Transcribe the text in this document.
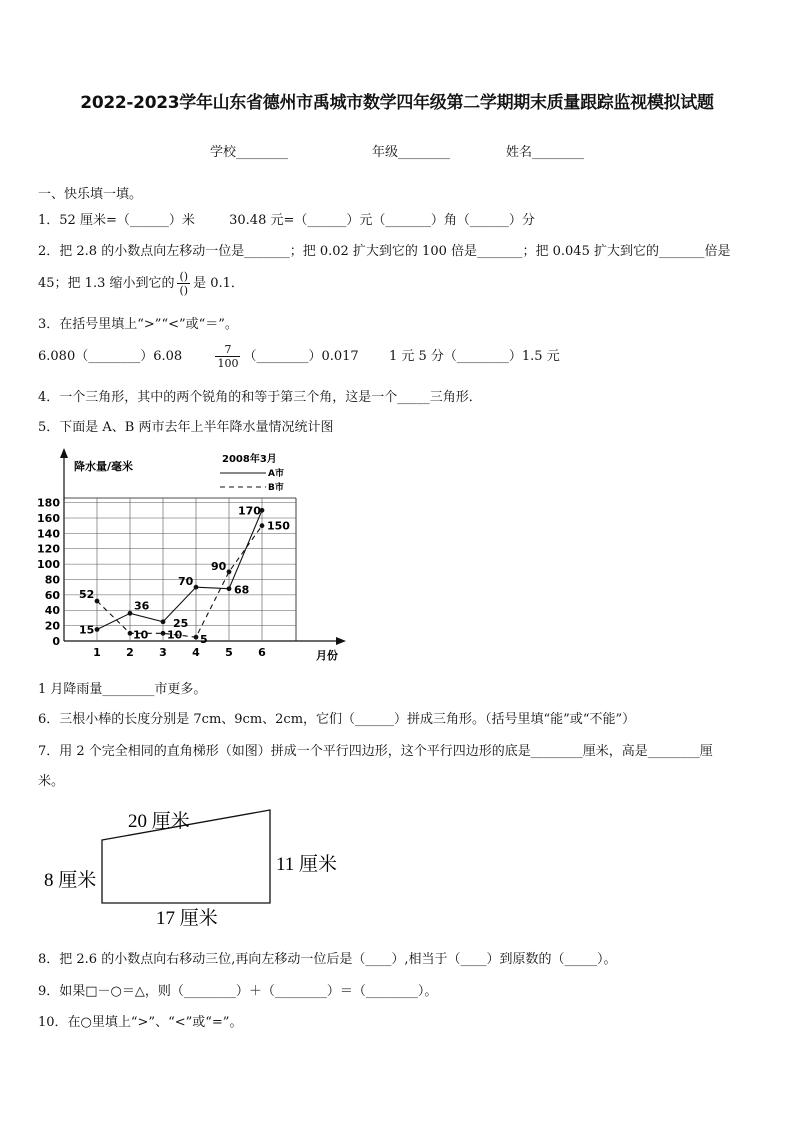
2022-2023学年山东省德州市禹城市数学四年级第二学期期末质量跟踪监视模拟试题
学校________	年级________	姓名________
一、快乐填一填。
1．52 厘米=（______）米	30.48 元=（______）元（_______）角（______）分
2．把 2.8 的小数点向左移动一位是_______；把 0.02 扩大到它的 100 倍是_______；把 0.045 扩大到它的_______倍是
45；把 1.3 缩小到它的 $\frac{()}{()}$ 是 0.1．
3．在括号里填上“>”“<”或“＝”。
6.080（________）6.08	$\frac{7}{100}$ （________）0.017 1 元 5 分（________）1.5 元
4．一个三角形，其中的两个锐角的和等于第三个角，这是一个_____三角形．
5．下面是 A、B 两市去年上半年降水量情况统计图
降水量/毫米
月份
2008年3月
A市
B市
0
20
40
60
80
100
120
140
160
180
1 2 3 4 5 6
15
36
25
70
68
170
52
10 10 5
90
150
1 月降雨量________市更多。
6．三根小棒的长度分别是 7cm、9cm、2cm，它们（______）拼成三角形。（括号里填“能”或“不能”）
7．用 2 个完全相同的直角梯形（如图）拼成一个平行四边形，这个平行四边形的底是________厘米，高是________厘
米。
20 厘米
8 厘米
11 厘米
17 厘米
8．把 2.6 的小数点向右移动三位,再向左移动一位后是（____）,相当于（____）到原数的（_____）。
9．如果□－○＝△，则（________）＋（________）＝（________）。
10．在○里填上“>”、“<”或“=”。
